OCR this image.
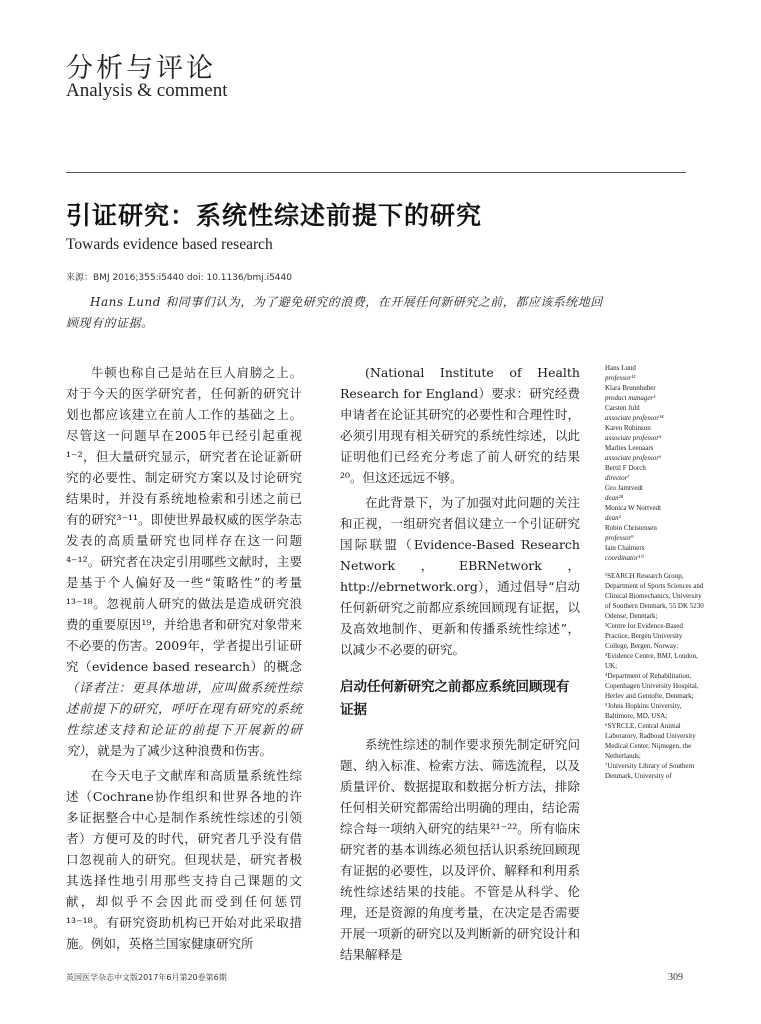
分析与评论
Analysis & comment
引证研究：系统性综述前提下的研究
Towards evidence based research
来源：BMJ 2016;355:i5440 doi: 10.1136/bmj.i5440

Hans Lund 和同事们认为，为了避免研究的浪费，在开展任何新研究之前，都应该系统地回顾现有的证据。

牛顿也称自己是站在巨人肩膀之上。对于今天的医学研究者，任何新的研究计划也都应该建立在前人工作的基础之上。尽管这一问题早在2005年已经引起重视¹⁻²，但大量研究显示，研究者在论证新研究的必要性、制定研究方案以及讨论研究结果时，并没有系统地检索和引述之前已有的研究³⁻¹¹。即使世界最权威的医学杂志发表的高质量研究也同样存在这一问题⁴⁻¹²。研究者在决定引用哪些文献时，主要是基于个人偏好及一些“策略性”的考量¹³⁻¹⁸。忽视前人研究的做法是造成研究浪费的重要原因¹⁹，并给患者和研究对象带来不必要的伤害。2009年，学者提出引证研究（evidence based research）的概念（译者注：更具体地讲，应叫做系统性综述前提下的研究，呼吁在现有研究的系统性综述支持和论证的前提下开展新的研究），就是为了减少这种浪费和伤害。

在今天电子文献库和高质量系统性综述（Cochrane协作组织和世界各地的许多证据整合中心是制作系统性综述的引领者）方便可及的时代，研究者几乎没有借口忽视前人的研究。但现状是，研究者极其选择性地引用那些支持自己课题的文献，却似乎不会因此而受到任何惩罚¹³⁻¹⁸。有研究资助机构已开始对此采取措施。例如，英格兰国家健康研究所

(National Institute of Health Research for England）要求：研究经费申请者在论证其研究的必要性和合理性时，必须引用现有相关研究的系统性综述，以此证明他们已经充分考虑了前人研究的结果²⁰。但这还远远不够。

在此背景下，为了加强对此问题的关注和正视，一组研究者倡议建立一个引证研究国际联盟（Evidence-Based Research Network，EBRNetwork，http://ebrnetwork.org），通过倡导“启动任何新研究之前都应系统回顾现有证据，以及高效地制作、更新和传播系统性综述”，以减少不必要的研究。

启动任何新研究之前都应系统回顾现有证据

系统性综述的制作要求预先制定研究问题、纳入标准、检索方法、筛选流程，以及质量评价、数据提取和数据分析方法，排除任何相关研究都需给出明确的理由，结论需综合每一项纳入研究的结果²¹⁻²²。所有临床研究者的基本训练必须包括认识系统回顾现有证据的必要性，以及评价、解释和利用系统性综述结果的技能。不管是从科学、伦理，还是资源的角度考量，在决定是否需要开展一项新的研究以及判断新的研究设计和结果解释是

Hans Lund
professor¹²
Klara Brunnhuber
product manager³
Carsten Juhl
associate professor¹⁴
Karen Robinson
associate professor⁵
Marlies Leenaars
associate professor⁶
Bertil F Dorch
director⁷
Gro Jamtvedt
dean²⁸
Monica W Nortvedt
dean²
Robin Christensen
professor⁹
Iain Chalmers
coordinator¹⁰
¹SEARCH Research Group, Department of Sports Sciences and Clinical Biomechanics, University of Southern Denmark, 55 DK 5230 Odense, Denmark;
²Centre for Evidence-Based Practice, Bergen University College, Bergen, Norway;
³Evidence Centre, BMJ, London, UK;
⁴Department of Rehabilitation, Copenhagen University Hospital, Herlev and Gentofte, Denmark;
⁵Johns Hopkins University, Baltimore, MD, USA;
⁶SYRCLE, Central Animal Laboratory, Radboud University Medical Center, Nijmegen, the Netherlands;
⁷University Library of Southern Denmark, University of
英国医学杂志中文版2017年6月第20卷第6期	309
